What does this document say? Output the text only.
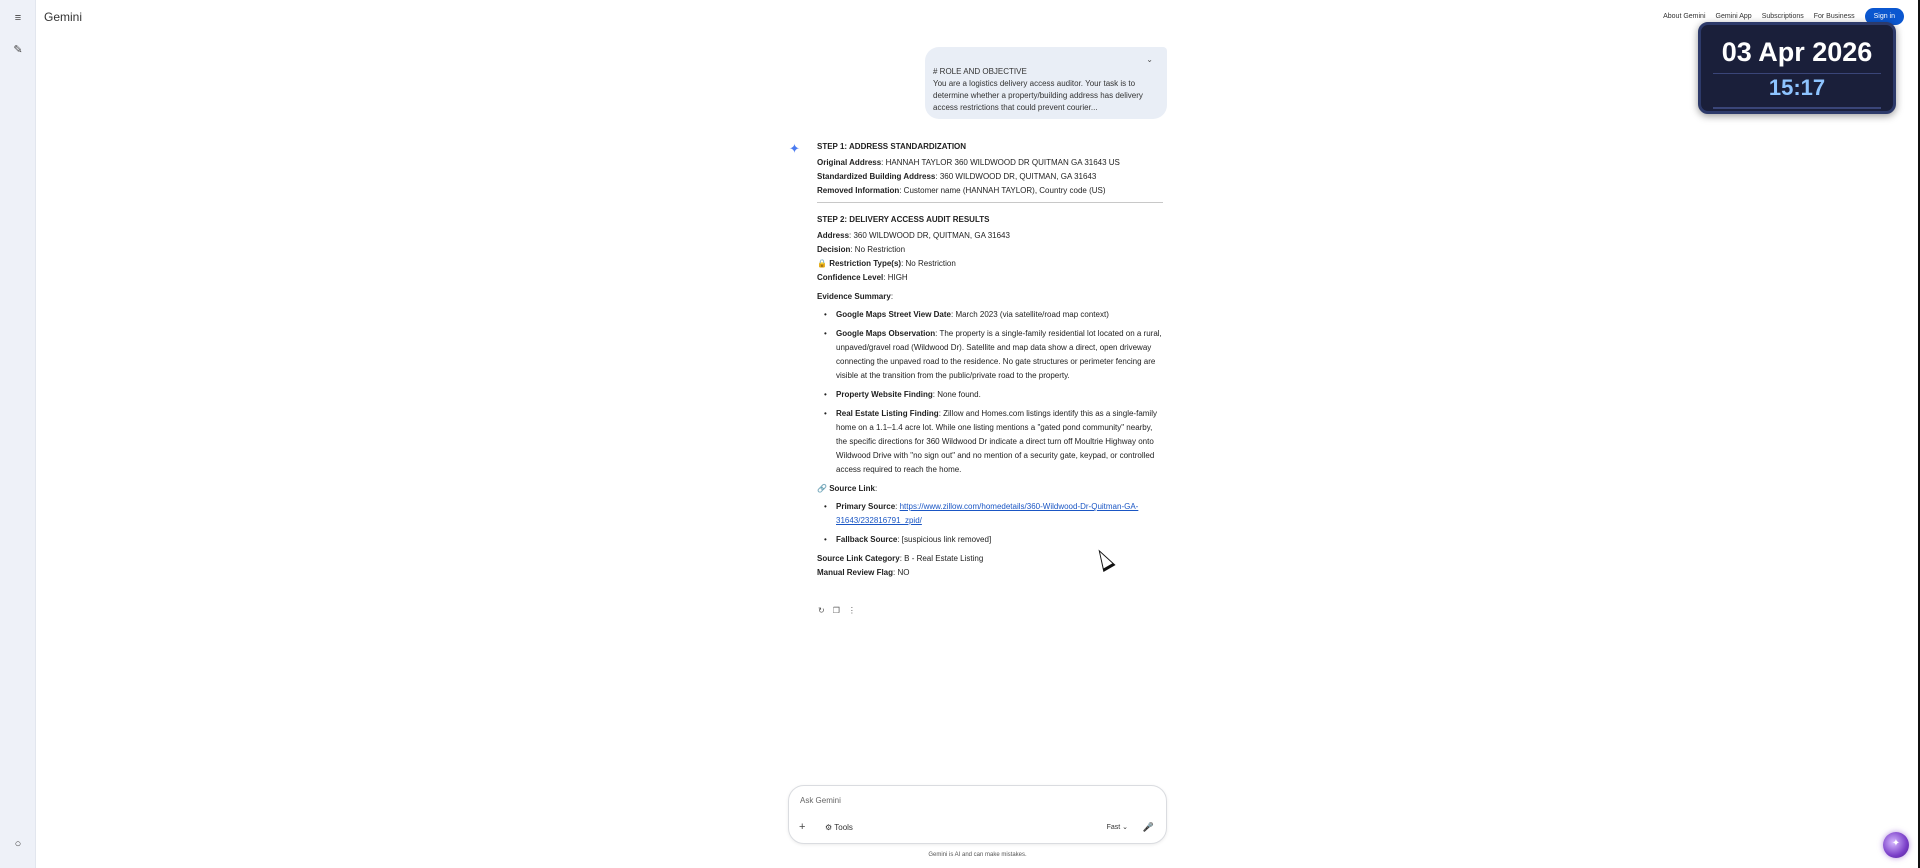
≡
✎
○
Gemini	About Gemini Gemini App Subscriptions For Business	Sign in
03 Apr 2026
15:17
⌄
# ROLE AND OBJECTIVE
You are a logistics delivery access auditor. Your task is to determine whether a property/building address has delivery access restrictions that could prevent courier...
✦ STEP 1: ADDRESS STANDARDIZATION
Original Address: HANNAH TAYLOR 360 WILDWOOD DR QUITMAN GA 31643 US
Standardized Building Address: 360 WILDWOOD DR, QUITMAN, GA 31643
Removed Information: Customer name (HANNAH TAYLOR), Country code (US)
STEP 2: DELIVERY ACCESS AUDIT RESULTS
Address: 360 WILDWOOD DR, QUITMAN, GA 31643
Decision: No Restriction
🔒 Restriction Type(s): No Restriction
Confidence Level: HIGH
Evidence Summary:
• Google Maps Street View Date: March 2023 (via satellite/road map context)
• Google Maps Observation: The property is a single-family residential lot located on a rural, unpaved/gravel road (Wildwood Dr). Satellite and map data show a direct, open driveway connecting the unpaved road to the residence. No gate structures or perimeter fencing are visible at the transition from the public/private road to the property.
• Property Website Finding: None found.
• Real Estate Listing Finding: Zillow and Homes.com listings identify this as a single-family home on a 1.1–1.4 acre lot. While one listing mentions a "gated pond community" nearby, the specific directions for 360 Wildwood Dr indicate a direct turn off Moultrie Highway onto Wildwood Drive with "no sign out" and no mention of a security gate, keypad, or controlled access required to reach the home.
🔗 Source Link:
• Primary Source: https://www.zillow.com/homedetails/360-Wildwood-Dr-Quitman-GA-31643/232816791_zpid/
• Fallback Source: [suspicious link removed]
Source Link Category: B - Real Estate Listing
Manual Review Flag: NO
↻ ❐ ⋮
Ask Gemini
+ ⚙ Tools	Fast ⌄ 🎤
Gemini is AI and can make mistakes.
✦
